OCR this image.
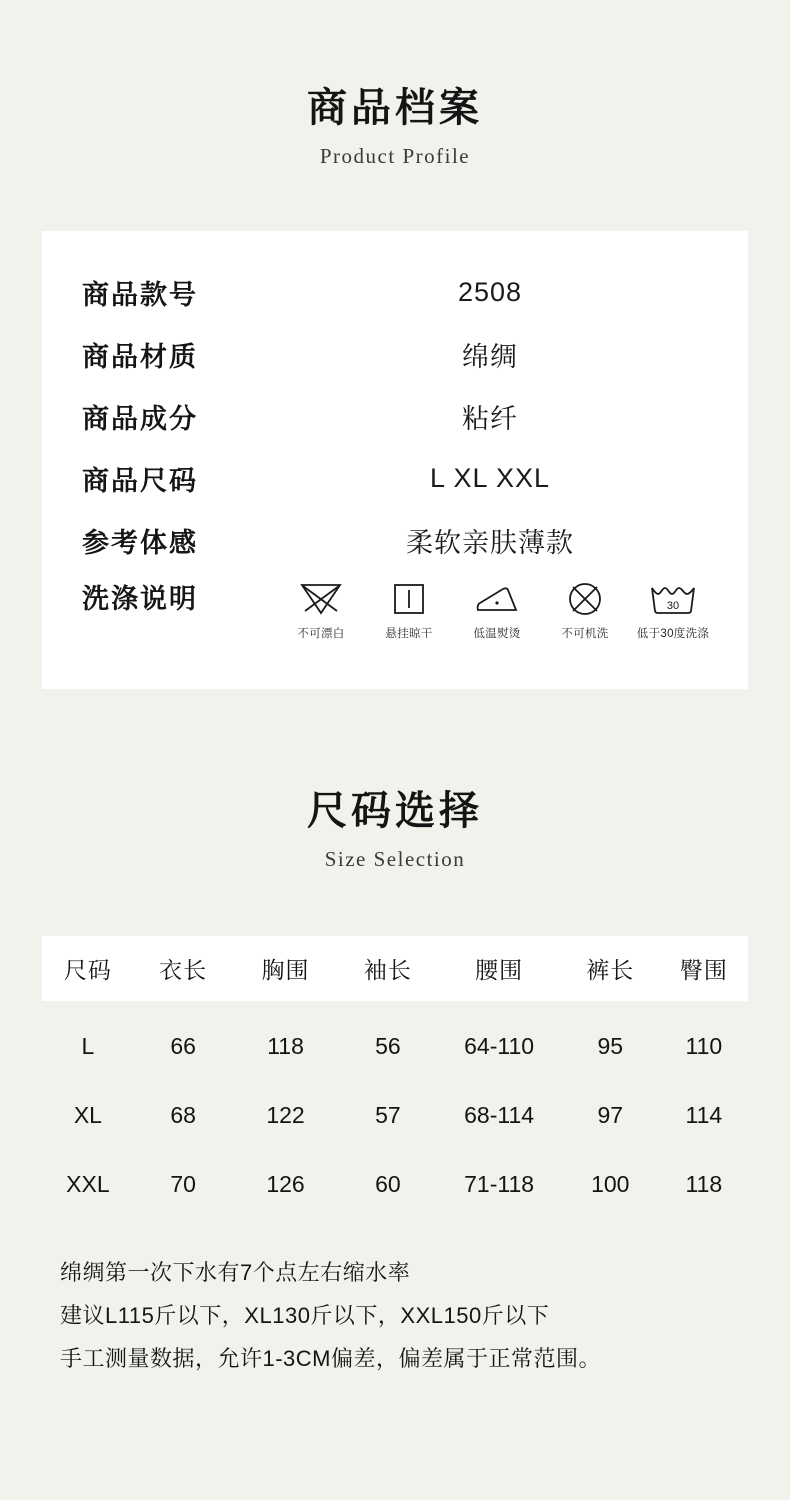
商品档案
Product Profile
商品款号	2508
商品材质	绵绸
商品成分	粘纤
商品尺码	L XL XXL
参考体感	柔软亲肤薄款
洗涤说明
不可漂白	悬挂晾干	低温熨烫	不可机洗
30
低于30度洗涤
尺码选择
Size Selection
尺码	衣长	胸围	袖长	腰围	裤长	臀围
L	66	118	56	64-110	95	110
XL	68	122	57	68-114	97	114
XXL	70	126	60	71-118	100	118
绵绸第一次下水有7个点左右缩水率
建议L115斤以下，XL130斤以下，XXL150斤以下
手工测量数据，允许1-3CM偏差，偏差属于正常范围。
